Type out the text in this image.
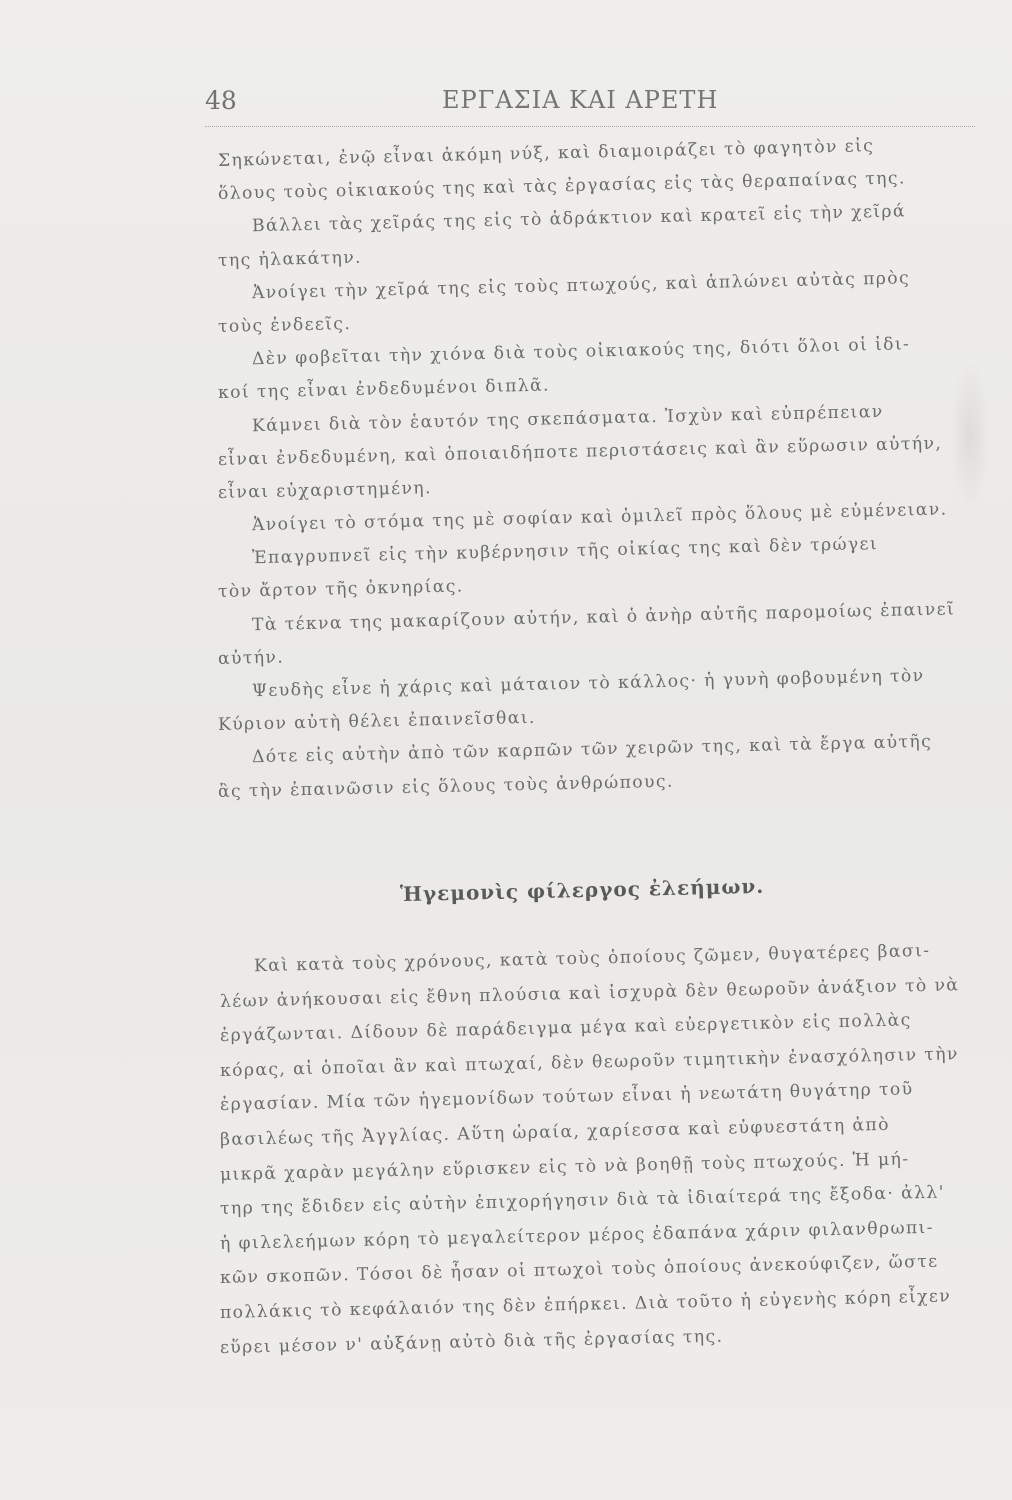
48	ΕΡΓΑΣΙΑ ΚΑΙ ΑΡΕΤΗ
Σηκώνεται, ἐνῷ εἶναι ἀκόμη νύξ, καὶ διαμοιράζει τὸ φαγητὸν εἰς
ὅλους τοὺς οἰκιακούς της καὶ τὰς ἐργασίας εἰς τὰς θεραπαίνας της.
Βάλλει τὰς χεῖράς της εἰς τὸ ἀδράκτιον καὶ κρατεῖ εἰς τὴν χεῖρά
της ἠλακάτην.
Ἀνοίγει τὴν χεῖρά της εἰς τοὺς πτωχούς, καὶ ἁπλώνει αὐτὰς πρὸς
τοὺς ἐνδεεῖς.
Δὲν φοβεῖται τὴν χιόνα διὰ τοὺς οἰκιακούς της, διότι ὅλοι οἱ ἰδι-
κοί της εἶναι ἐνδεδυμένοι διπλᾶ.
Κάμνει διὰ τὸν ἑαυτόν της σκεπάσματα. Ἰσχὺν καὶ εὐπρέπειαν
εἶναι ἐνδεδυμένη, καὶ ὁποιαιδήποτε περιστάσεις καὶ ἂν εὕρωσιν αὐτήν,
εἶναι εὐχαριστημένη.
Ἀνοίγει τὸ στόμα της μὲ σοφίαν καὶ ὁμιλεῖ πρὸς ὅλους μὲ εὐμένειαν.
Ἐπαγρυπνεῖ εἰς τὴν κυβέρνησιν τῆς οἰκίας της καὶ δὲν τρώγει
τὸν ἄρτον τῆς ὀκνηρίας.
Τὰ τέκνα της μακαρίζουν αὐτήν, καὶ ὁ ἀνὴρ αὐτῆς παρομοίως ἐπαινεῖ
αὐτήν.
Ψευδὴς εἶνε ἡ χάρις καὶ μάταιον τὸ κάλλος· ἡ γυνὴ φοβουμένη τὸν
Κύριον αὐτὴ θέλει ἐπαινεῖσθαι.
Δότε εἰς αὐτὴν ἀπὸ τῶν καρπῶν τῶν χειρῶν της, καὶ τὰ ἔργα αὐτῆς
ἂς τὴν ἐπαινῶσιν εἰς ὅλους τοὺς ἀνθρώπους.
Ἡγεμονὶς φίλεργος ἐλεήμων.
Καὶ κατὰ τοὺς χρόνους, κατὰ τοὺς ὁποίους ζῶμεν, θυγατέρες βασι-
λέων ἀνήκουσαι εἰς ἔθνη πλούσια καὶ ἰσχυρὰ δὲν θεωροῦν ἀνάξιον τὸ νὰ
ἐργάζωνται. Δίδουν δὲ παράδειγμα μέγα καὶ εὐεργετικὸν εἰς πολλὰς
κόρας, αἱ ὁποῖαι ἂν καὶ πτωχαί, δὲν θεωροῦν τιμητικὴν ἐνασχόλησιν τὴν
ἐργασίαν. Μία τῶν ἡγεμονίδων τούτων εἶναι ἡ νεωτάτη θυγάτηρ τοῦ
βασιλέως τῆς Ἀγγλίας. Αὕτη ὡραία, χαρίεσσα καὶ εὐφυεστάτη ἀπὸ
μικρᾶ χαρὰν μεγάλην εὕρισκεν εἰς τὸ νὰ βοηθῇ τοὺς πτωχούς. Ἡ μή-
τηρ της ἔδιδεν εἰς αὐτὴν ἐπιχορήγησιν διὰ τὰ ἰδιαίτερά της ἔξοδα· ἀλλ'
ἡ φιλελεήμων κόρη τὸ μεγαλείτερον μέρος ἐδαπάνα χάριν φιλανθρωπι-
κῶν σκοπῶν. Τόσοι δὲ ἦσαν οἱ πτωχοὶ τοὺς ὁποίους ἀνεκούφιζεν, ὥστε
πολλάκις τὸ κεφάλαιόν της δὲν ἐπήρκει. Διὰ τοῦτο ἡ εὐγενὴς κόρη εἶχεν
εὕρει μέσον ν' αὐξάνῃ αὐτὸ διὰ τῆς ἐργασίας της.
